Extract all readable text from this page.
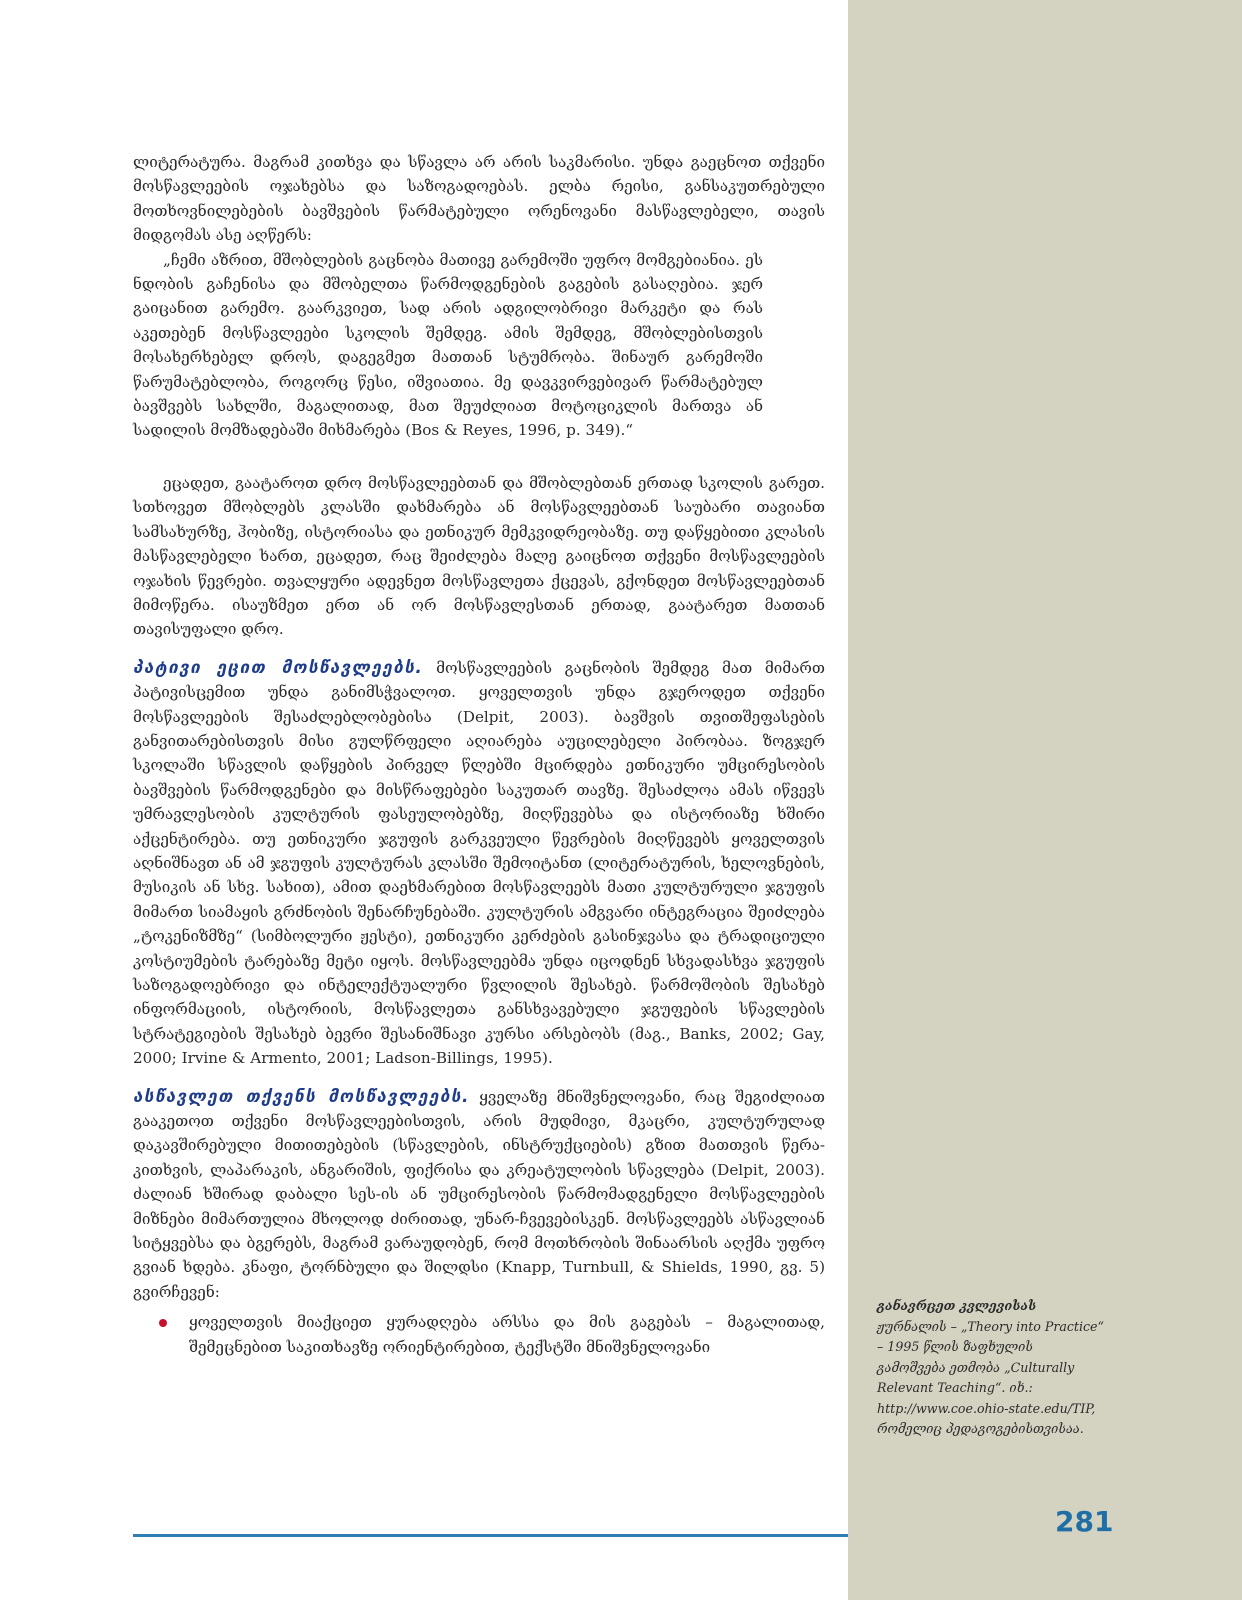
ლიტერატურა. მაგრამ კითხვა და სწავლა არ არის საკმარისი. უნდა გაეცნოთ თქვენი მოსწავლეების ოჯახებსა და საზოგადოებას. ელბა რეისი, განსაკუთრებული მოთხოვნილებების ბავშვების წარმატებული ორენოვანი მასწავლებელი, თავის მიდგომას ასე აღწერს:

„ჩემი აზრით, მშობლების გაცნობა მათივე გარემოში უფრო მომგებიანია. ეს ნდობის გაჩენისა და მშობელთა წარმოდგენების გაგების გასაღებია. ჯერ გაიცანით გარემო. გაარკვიეთ, სად არის ადგილობრივი მარკეტი და რას აკეთებენ მოსწავლეები სკოლის შემდეგ. ამის შემდეგ, მშობლებისთვის მოსახერხებელ დროს, დაგეგმეთ მათთან სტუმრობა. შინაურ გარემოში წარუმატებლობა, როგორც წესი, იშვიათია. მე დავკვირვებივარ წარმატებულ ბავშვებს სახლში, მაგალითად, მათ შეუძლიათ მოტოციკლის მართვა ან სადილის მომზადებაში მიხმარება (Bos & Reyes, 1996, p. 349).“

ეცადეთ, გაატაროთ დრო მოსწავლეებთან და მშობლებთან ერთად სკოლის გარეთ. სთხოვეთ მშობლებს კლასში დახმარება ან მოსწავლეებთან საუბარი თავიანთ სამსახურზე, ჰობიზე, ისტორიასა და ეთნიკურ მემკვიდრეობაზე. თუ დაწყებითი კლასის მასწავლებელი ხართ, ეცადეთ, რაც შეიძლება მალე გაიცნოთ თქვენი მოსწავლეების ოჯახის წევრები. თვალყური ადევნეთ მოსწავლეთა ქცევას, გქონდეთ მოსწავლეებთან მიმოწერა. ისაუზმეთ ერთ ან ორ მოსწავლესთან ერთად, გაატარეთ მათთან თავისუფალი დრო.

პატივი ეცით მოსწავლეებს. მოსწავლეების გაცნობის შემდეგ მათ მიმართ პატივისცემით უნდა განიმსჭვალოთ. ყოველთვის უნდა გჯეროდეთ თქვენი მოსწავლეების შესაძლებლობებისა (Delpit, 2003). ბავშვის თვითშეფასების განვითარებისთვის მისი გულწრფელი აღიარება აუცილებელი პირობაა. ზოგჯერ სკოლაში სწავლის დაწყების პირველ წლებში მცირდება ეთნიკური უმცირესობის ბავშვების წარმოდგენები და მისწრაფებები საკუთარ თავზე. შესაძლოა ამას იწვევს უმრავლესობის კულტურის ფასეულობებზე, მიღწევებსა და ისტორიაზე ხშირი აქცენტირება. თუ ეთნიკური ჯგუფის გარკვეული წევრების მიღწევებს ყოველთვის აღნიშნავთ ან ამ ჯგუფის კულტურას კლასში შემოიტანთ (ლიტერატურის, ხელოვნების, მუსიკის ან სხვ. სახით), ამით დაეხმარებით მოსწავლეებს მათი კულტურული ჯგუფის მიმართ სიამაყის გრძნობის შენარჩუნებაში. კულტურის ამგვარი ინტეგრაცია შეიძლება „ტოკენიზმზე“ (სიმბოლური ჟესტი), ეთნიკური კერძების გასინჯვასა და ტრადიციული კოსტიუმების ტარებაზე მეტი იყოს. მოსწავლეებმა უნდა იცოდნენ სხვადასხვა ჯგუფის საზოგადოებრივი და ინტელექტუალური წვლილის შესახებ. წარმოშობის შესახებ ინფორმაციის, ისტორიის, მოსწავლეთა განსხვავებული ჯგუფების სწავლების სტრატეგიების შესახებ ბევრი შესანიშნავი კურსი არსებობს (მაგ., Banks, 2002; Gay, 2000; Irvine & Armento, 2001; Ladson-Billings, 1995).

ასწავლეთ თქვენს მოსწავლეებს. ყველაზე მნიშვნელოვანი, რაც შეგიძლიათ გააკეთოთ თქვენი მოსწავლეებისთვის, არის მუდმივი, მკაცრი, კულტურულად დაკავშირებული მითითებების (სწავლების, ინსტრუქციების) გზით მათთვის წერა-კითხვის, ლაპარაკის, ანგარიშის, ფიქრისა და კრეატულობის სწავლება (Delpit, 2003). ძალიან ხშირად დაბალი სეს-ის ან უმცირესობის წარმომადგენელი მოსწავლეების მიზნები მიმართულია მხოლოდ ძირითად, უნარ-ჩვევებისკენ. მოსწავლეებს ასწავლიან სიტყვებსა და ბგერებს, მაგრამ ვარაუდობენ, რომ მოთხრობის შინაარსის აღქმა უფრო გვიან ხდება. კნაფი, ტორნბული და შილდსი (Knapp, Turnbull, & Shields, 1990, გვ. 5) გვირჩევენ:

ყოველთვის მიაქციეთ ყურადღება არსსა და მის გაგებას – მაგალითად, შემეცნებით საკითხავზე ორიენტირებით, ტექსტში მნიშვნელოვანი
განავრცეთ კვლევისას
ჟურნალის – „Theory into Practice“ – 1995 წლის ზაფხულის გამოშვება ეთმობა „Culturally Relevant Teaching“. იხ.: http://www.coe.ohio-state.edu/TIP, რომელიც პედაგოგებისთვისაა.
281
